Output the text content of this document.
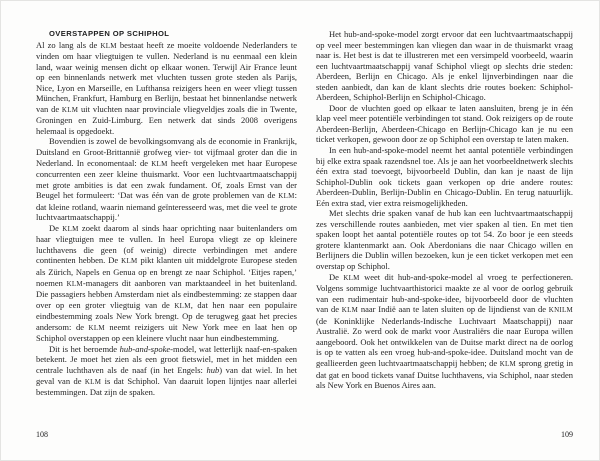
OVERSTAPPEN OP SCHIPHOL

Al zo lang als de KLM bestaat heeft ze moeite voldoende Nederlanders te vinden om haar vliegtuigen te vullen. Nederland is nu eenmaal een klein land, waar weinig mensen dicht op elkaar wonen. Terwijl Air France leunt op een binnenlands netwerk met vluchten tussen grote steden als Parijs, Nice, Lyon en Marseille, en Lufthansa reizigers heen en weer vliegt tussen München, Frankfurt, Hamburg en Berlijn, bestaat het binnenlandse netwerk van de KLM uit vluchten naar provinciale vliegveldjes zoals die in Twente, Groningen en Zuid-Limburg. Een netwerk dat sinds 2008 overigens helemaal is opgedoekt.

Bovendien is zowel de bevolkingsomvang als de economie in Frankrijk, Duitsland en Groot-Brittannië grofweg vier- tot vijfmaal groter dan die in Nederland. In economentaal: de KLM heeft vergeleken met haar Europese concurrenten een zeer kleine thuismarkt. Voor een luchtvaartmaatschappij met grote ambities is dat een zwak fundament. Of, zoals Ernst van der Beugel het formuleert: ‘Dat was één van de grote problemen van de KLM: dat kleine rotland, waarin niemand geïnteresseerd was, met die veel te grote luchtvaartmaatschappij.’

De KLM zoekt daarom al sinds haar oprichting naar buitenlanders om haar vliegtuigen mee te vullen. In heel Europa vliegt ze op kleinere luchthavens die geen (of weinig) directe verbindingen met andere continenten hebben. De KLM pikt klanten uit middelgrote Europese steden als Zürich, Napels en Genua op en brengt ze naar Schiphol. ‘Eitjes rapen,’ noemen KLM-managers dit aanboren van marktaandeel in het buitenland. Die passagiers hebben Amsterdam niet als eindbestemming: ze stappen daar over op een groter vliegtuig van de KLM, dat hen naar een populaire eindbestemming zoals New York brengt. Op de terugweg gaat het precies andersom: de KLM neemt reizigers uit New York mee en laat hen op Schiphol overstappen op een kleinere vlucht naar hun eindbestemming.

Dit is het beroemde hub-and-spoke-model, wat letterlijk naaf-en-spaken betekent. Je moet het zien als een groot fietswiel, met in het midden een centrale luchthaven als de naaf (in het Engels: hub) van dat wiel. In het geval van de KLM is dat Schiphol. Van daaruit lopen lijntjes naar allerlei bestemmingen. Dat zijn de spaken.

Het hub-and-spoke-model zorgt ervoor dat een luchtvaartmaatschappij op veel meer bestemmingen kan vliegen dan waar in de thuismarkt vraag naar is. Het best is dat te illustreren met een versimpeld voorbeeld, waarin een luchtvaartmaatschappij vanaf Schiphol vliegt op slechts drie steden: Aberdeen, Berlijn en Chicago. Als je enkel lijnverbindingen naar die steden aanbiedt, dan kan de klant slechts drie routes boeken: Schiphol-Aberdeen, Schiphol-Berlijn en Schiphol-Chicago.

Door de vluchten goed op elkaar te laten aansluiten, breng je in één klap veel meer potentiële verbindingen tot stand. Ook reizigers op de route Aberdeen-Berlijn, Aberdeen-Chicago en Berlijn-Chicago kan je nu een ticket verkopen, gewoon door ze op Schiphol een overstap te laten maken.

In een hub-and-spoke-model neemt het aantal potentiële verbindingen bij elke extra spaak razendsnel toe. Als je aan het voorbeeldnetwerk slechts één extra stad toevoegt, bijvoorbeeld Dublin, dan kan je naast de lijn Schiphol-Dublin ook tickets gaan verkopen op drie andere routes: Aberdeen-Dublin, Berlijn-Dublin en Chicago-Dublin. En terug natuurlijk. Eén extra stad, vier extra reismogelijkheden.

Met slechts drie spaken vanaf de hub kan een luchtvaartmaatschappij zes verschillende routes aanbieden, met vier spaken al tien. En met tien spaken loopt het aantal potentiële routes op tot 54. Zo boor je een steeds grotere klantenmarkt aan. Ook Aberdonians die naar Chicago willen en Berlijners die Dublin willen bezoeken, kun je een ticket verkopen met een overstap op Schiphol.

De KLM weet dit hub-and-spoke-model al vroeg te perfectioneren. Volgens sommige luchtvaarthistorici maakte ze al voor de oorlog gebruik van een rudimentair hub-and-spoke-idee, bijvoorbeeld door de vluchten van de KLM naar Indië aan te laten sluiten op de lijndienst van de KNILM (de Koninklijke Nederlands-Indische Luchtvaart Maatschappij) naar Australië. Zo werd ook de markt voor Australiërs die naar Europa willen aangeboord. Ook het ontwikkelen van de Duitse markt direct na de oorlog is op te vatten als een vroeg hub-and-spoke-idee. Duitsland mocht van de geallieerden geen luchtvaartmaatschappij hebben; de KLM sprong gretig in dat gat en bood tickets vanaf Duitse luchthavens, via Schiphol, naar steden als New York en Buenos Aires aan.

108	109
